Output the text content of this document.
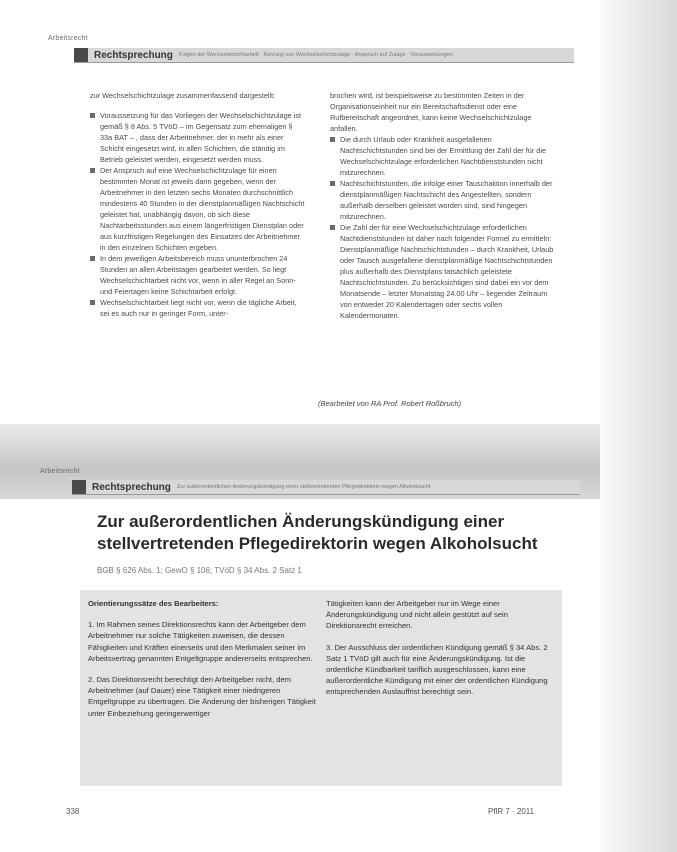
Arbeitsrecht
Rechtsprechung Folgen der Wechselschichtarbeit · Kürzung von Wechselschichtzulage · Anspruch auf Zulage · Voraussetzungen

zur Wechselschichtzulage zusammenfassend dargestellt:

Voraussetzung für das Vorliegen der Wechselschichtzulage ist gemäß § 8 Abs. 5 TVöD – im Gegensatz zum ehemaligen § 33a BAT – , dass der Arbeitnehmer, der in mehr als einer Schicht eingesetzt wird, in allen Schichten, die ständig im Betrieb geleistet werden, eingesetzt werden muss.

Der Anspruch auf eine Wechselschichtzulage für einen bestimmten Monat ist jeweils dann gegeben, wenn der Arbeitnehmer in den letzten sechs Monaten durchschnittlich mindestens 40 Stunden in der dienstplanmäßigen Nachtschicht geleistet hat, unabhängig davon, ob sich diese Nachtarbeitsstunden aus einem längerfristigen Dienstplan oder aus kurzfristigen Regelungen des Einsatzes der Arbeitnehmer in den einzelnen Schichten ergeben.

In dem jeweiligen Arbeitsbereich muss ununterbrochen 24 Stunden an allen Arbeitstagen gearbeitet werden. So liegt Wechselschichtarbeit nicht vor, wenn in aller Regel an Sonn- und Feiertagen keine Schichtarbeit erfolgt.

Wechselschichtarbeit liegt nicht vor, wenn die tägliche Arbeit, sei es auch nur in geringer Form, unter-

brochen wird, ist beispielsweise zu bestimmten Zeiten in der Organisationseinheit nur ein Bereitschaftsdienst oder eine Rufbereitschaft angeordnet, kann keine Wechselschichtzulage anfallen.

Die durch Urlaub oder Krankheit ausgefallenen Nachtschichtstunden sind bei der Ermittlung der Zahl der für die Wechselschichtzulage erforderlichen Nachtdienststunden nicht mitzurechnen.

Nachtschichtstunden, die infolge einer Tauschaktion innerhalb der dienstplanmäßigen Nachtschicht des Angestellten, sondern außerhalb derselben geleistet worden sind, sind hingegen mitzurechnen.

Die Zahl der für eine Wechselschichtzulage erforderlichen Nachtdienststunden ist daher nach folgender Formel zu ermitteln: Dienstplanmäßige Nachtschichtstunden – durch Krankheit, Urlaub oder Tausch ausgefallene dienstplanmäßige Nachtschichtstunden plus außerhalb des Dienstplans tatsächlich geleistete Nachtschichtstunden. Zu berücksichtigen sind dabei ein vor dem Monatsende – letzter Monatstag 24.00 Uhr – liegender Zeitraum von entweder 20 Kalendertagen oder sechs vollen Kalendermonaten.

(Bearbeitet von RA Prof. Robert Roßbruch)
Arbeitsrecht
Rechtsprechung Zur außerordentlichen Änderungskündigung einer stellvertretenden Pflegedirektorin wegen Alkoholsucht
Zur außerordentlichen Änderungskündigung einer stellvertretenden Pflegedirektorin wegen Alkoholsucht
BGB § 626 Abs. 1; GewO § 106; TVöD § 34 Abs. 2 Satz 1

Orientierungssätze des Bearbeiters:

1. Im Rahmen seines Direktionsrechts kann der Arbeitgeber dem Arbeitnehmer nur solche Tätigkeiten zuweisen, die dessen Fähigkeiten und Kräften einerseits und den Merkmalen seiner im Arbeitsvertrag genannten Entgeltgruppe andererseits entsprechen.

2. Das Direktionsrecht berechtigt den Arbeitgeber nicht, dem Arbeitnehmer (auf Dauer) eine Tätigkeit einer niedrigeren Entgeltgruppe zu übertragen. Die Änderung der bisherigen Tätigkeit unter Einbeziehung geringerwertiger

Tätigkeiten kann der Arbeitgeber nur im Wege einer Änderungskündigung und nicht allein gestützt auf sein Direktionsrecht erreichen.

3. Der Ausschluss der ordentlichen Kündigung gemäß § 34 Abs. 2 Satz 1 TVöD gilt auch für eine Änderungskündigung. Ist die ordentliche Kündbarkeit tariflich ausgeschlossen, kann eine außerordentliche Kündigung mit einer der ordentlichen Kündigung entsprechenden Auslauffrist berechtigt sein.

338	PflR 7 · 2011
